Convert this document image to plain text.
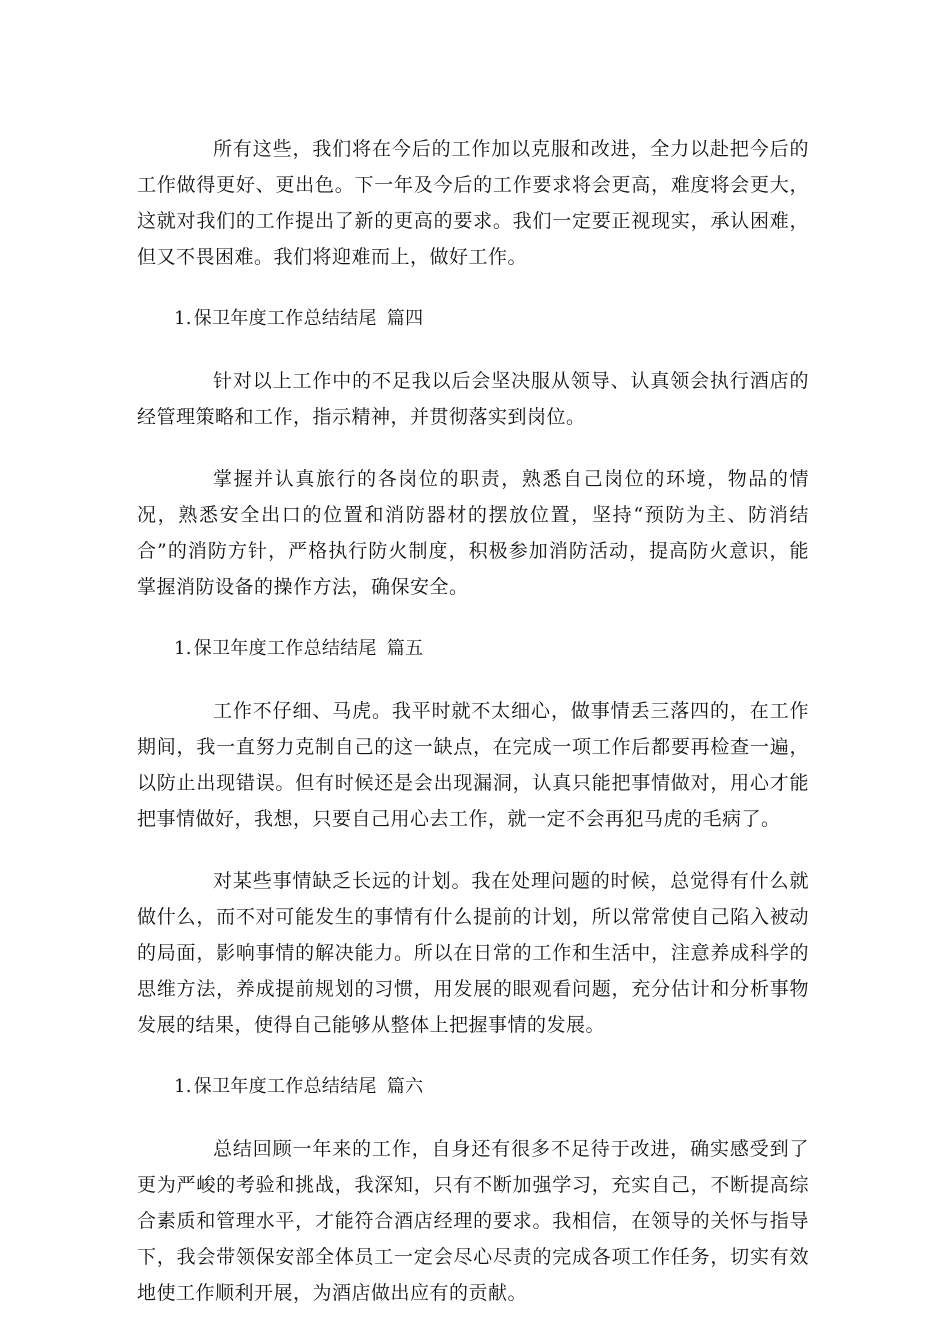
所有这些，我们将在今后的工作加以克服和改进，全力以赴把今后的工作做得更好、更出色。下一年及今后的工作要求将会更高，难度将会更大，这就对我们的工作提出了新的更高的要求。我们一定要正视现实，承认困难，但又不畏困难。我们将迎难而上，做好工作。

1. 保卫年度工作总结结尾 篇四

针对以上工作中的不足我以后会坚决服从领导、认真领会执行酒店的经管理策略和工作，指示精神，并贯彻落实到岗位。

掌握并认真旅行的各岗位的职责，熟悉自己岗位的环境，物品的情况，熟悉安全出口的位置和消防器材的摆放位置，坚持“预防为主、防消结合”的消防方针，严格执行防火制度，积极参加消防活动，提高防火意识，能掌握消防设备的操作方法，确保安全。

1. 保卫年度工作总结结尾 篇五

工作不仔细、马虎。我平时就不太细心，做事情丢三落四的，在工作期间，我一直努力克制自己的这一缺点，在完成一项工作后都要再检查一遍，以防止出现错误。但有时候还是会出现漏洞，认真只能把事情做对，用心才能把事情做好，我想，只要自己用心去工作，就一定不会再犯马虎的毛病了。

对某些事情缺乏长远的计划。我在处理问题的时候，总觉得有什么就做什么，而不对可能发生的事情有什么提前的计划，所以常常使自己陷入被动的局面，影响事情的解决能力。所以在日常的工作和生活中，注意养成科学的思维方法，养成提前规划的习惯，用发展的眼观看问题，充分估计和分析事物发展的结果，使得自己能够从整体上把握事情的发展。

1. 保卫年度工作总结结尾 篇六

总结回顾一年来的工作，自身还有很多不足待于改进，确实感受到了更为严峻的考验和挑战，我深知，只有不断加强学习，充实自己，不断提高综合素质和管理水平，才能符合酒店经理的要求。我相信，在领导的关怀与指导下，我会带领保安部全体员工一定会尽心尽责的完成各项工作任务，切实有效地使工作顺利开展，为酒店做出应有的贡献。
